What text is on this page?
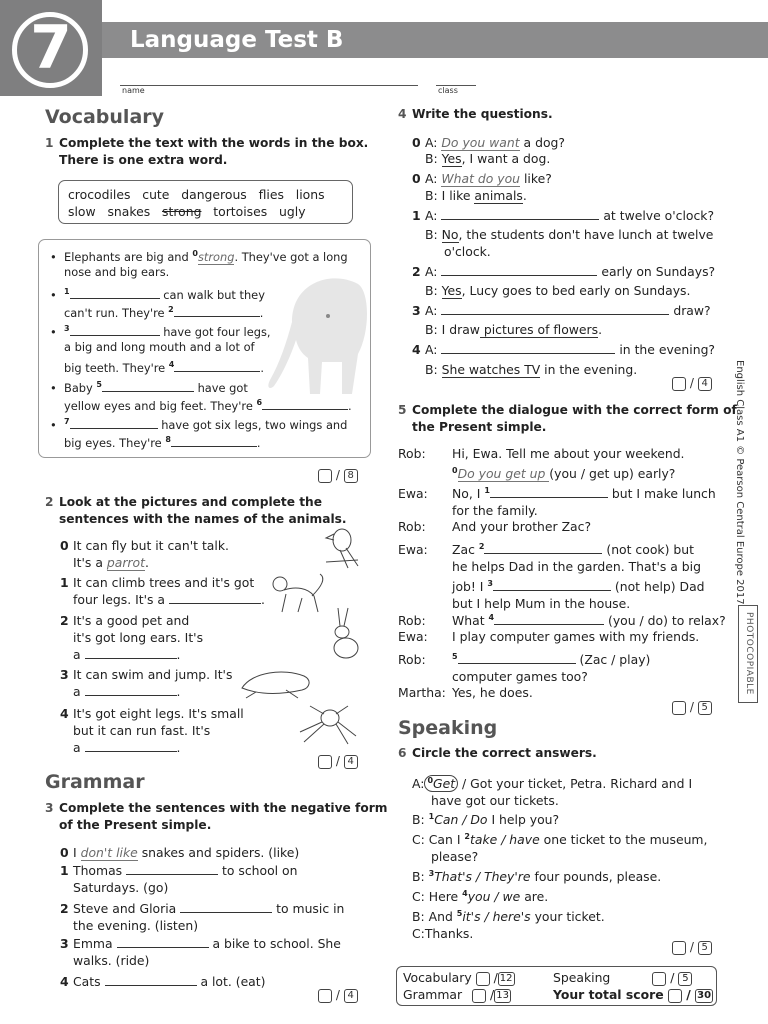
7	Language Test B
name	class
Vocabulary
1 Complete the text with the words in the box.
There is one extra word.
crocodiles cute dangerous flies lions
slow snakes strong tortoises ugly
• Elephants are big and $^0$strong. They've got a long
nose and big ears.
• $^1$	can walk but they
can't run. They're $^2$	.
• $^3$	have got four legs,
a big and long mouth and a lot of
big teeth. They're $^4$	.
• Baby $^5$	have got
yellow eyes and big feet. They're $^6$	.
• $^7$	have got six legs, two wings and
big eyes. They're $^8$	.
/ 8
2 Look at the pictures and complete the
sentences with the names of the animals.
0 It can fly but it can't talk.
It's a parrot.
1 It can climb trees and it's got
four legs. It's a	.
2 It's a good pet and
it's got long ears. It's
a	.
3 It can swim and jump. It's
a	.
4 It's got eight legs. It's small
but it can run fast. It's
a	.
/ 4
Grammar
3 Complete the sentences with the negative form
of the Present simple.
0 I don't like snakes and spiders. (like)
1 Thomas	to school on
Saturdays. (go)
2 Steve and Gloria	to music in
the evening. (listen)
3 Emma	a bike to school. She
walks. (ride)
4 Cats	a lot. (eat)
/ 4
4 Write the questions.
0 A: Do you want a dog?
B: Yes, I want a dog.
0 A: What do you like?
B: I like animals.
1 A:	at twelve o'clock?
B: No, the students don't have lunch at twelve
o'clock.
2 A:	early on Sundays?
B: Yes, Lucy goes to bed early on Sundays.
3 A:	draw?
B: I draw pictures of flowers.
4 A:	in the evening?
B: She watches TV in the evening.
/ 4
5 Complete the dialogue with the correct form of
the Present simple.
Rob: Hi, Ewa. Tell me about your weekend.
$^0$Do you get up (you / get up) early?
Ewa: No, I $^1$	but I make lunch
for the family.
Rob: And your brother Zac?
Ewa: Zac $^2$	(not cook) but
he helps Dad in the garden. That's a big
job! I $^3$	(not help) Dad
but I help Mum in the house.
Rob: What $^4$	(you / do) to relax?
Ewa: I play computer games with my friends.
Rob:	$^5$	(Zac / play)
computer games too?
Martha: Yes, he does.
/ 5
Speaking
6 Circle the correct answers.
A: $^0$Get / Got your ticket, Petra. Richard and I
have got our tickets.
B: $^1$Can / Do I help you?
C: Can I $^2$take / have one ticket to the museum,
please?
B: $^3$That's / They're four pounds, please.
C: Here $^4$you / we are.
B: And $^5$it's / here's your ticket.
C:Thanks.
/ 5
Vocabulary / 12
Grammar / 13
Speaking	/ 5
Your total score / 30
English Class A1 © Pearson Central Europe 2017
PHOTOCOPIABLE
